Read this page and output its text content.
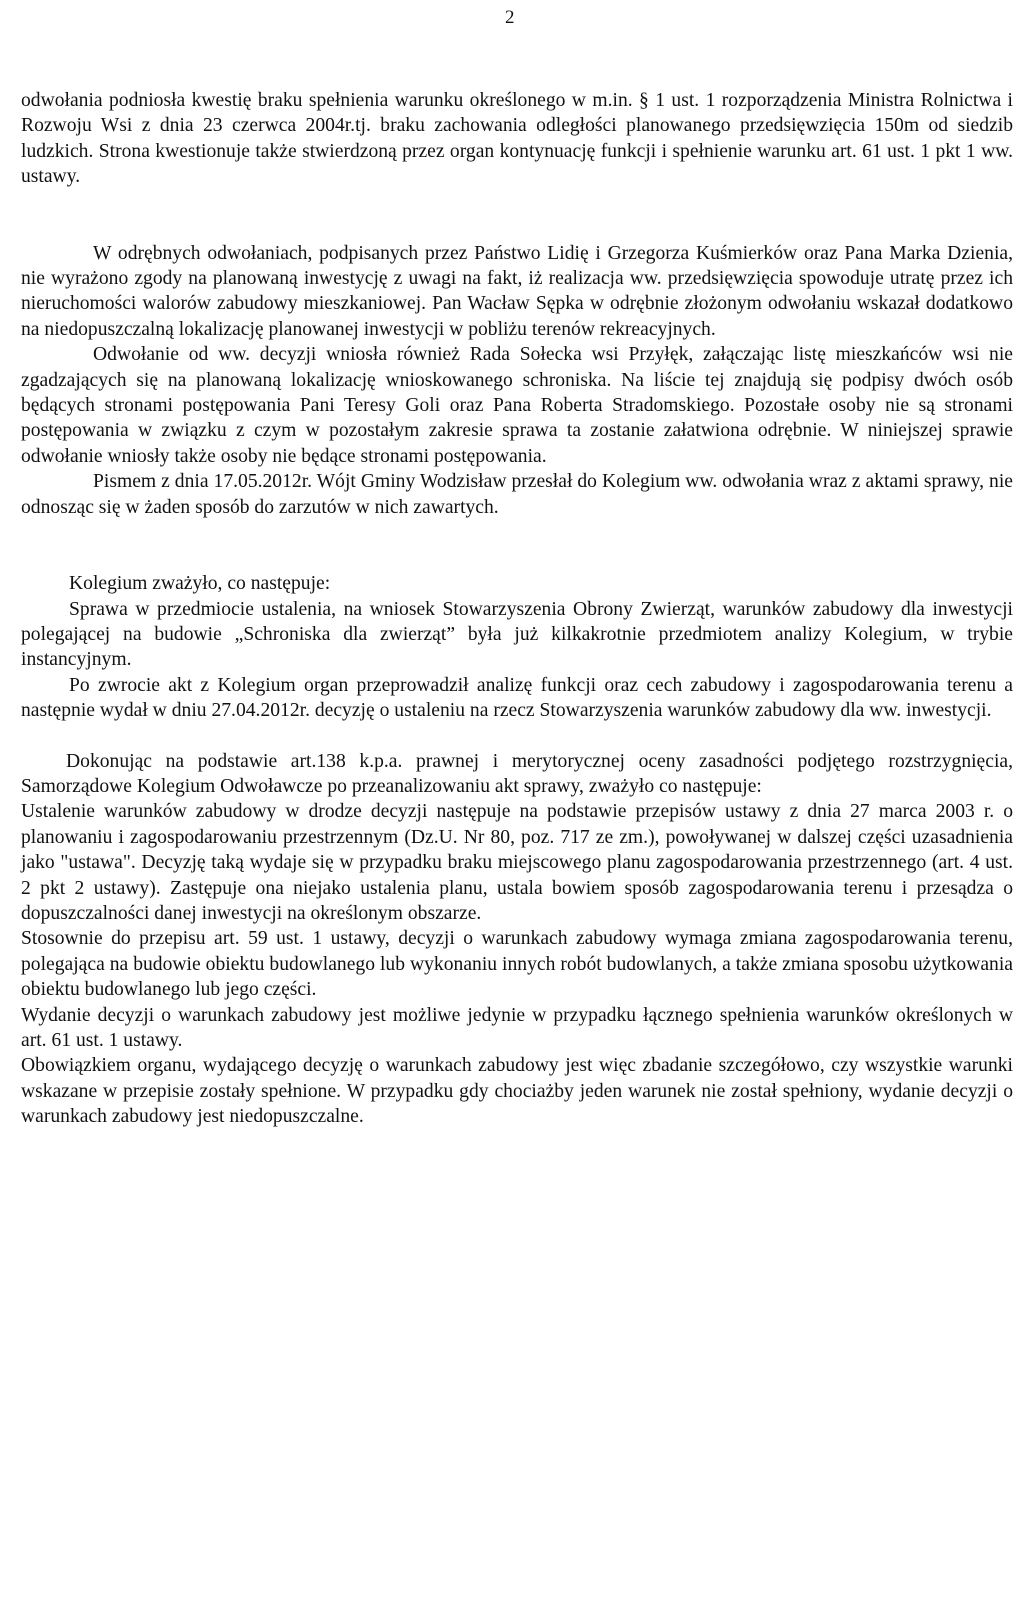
2

odwołania podniosła kwestię braku spełnienia warunku określonego w m.in. § 1 ust. 1 rozporządzenia Ministra Rolnictwa i Rozwoju Wsi z dnia 23 czerwca 2004r.tj. braku zachowania odległości planowanego przedsięwzięcia 150m od siedzib ludzkich. Strona kwestionuje także stwierdzoną przez organ kontynuację funkcji i spełnienie warunku art. 61 ust. 1 pkt 1 ww. ustawy.

W odrębnych odwołaniach, podpisanych przez Państwo Lidię i Grzegorza Kuśmierków oraz Pana Marka Dzienia, nie wyrażono zgody na planowaną inwestycję z uwagi na fakt, iż realizacja ww. przedsięwzięcia spowoduje utratę przez ich nieruchomości walorów zabudowy mieszkaniowej. Pan Wacław Sępka w odrębnie złożonym odwołaniu wskazał dodatkowo na niedopuszczalną lokalizację planowanej inwestycji w pobliżu terenów rekreacyjnych.

Odwołanie od ww. decyzji wniosła również Rada Sołecka wsi Przyłęk, załączając listę mieszkańców wsi nie zgadzających się na planowaną lokalizację wnioskowanego schroniska. Na liście tej znajdują się podpisy dwóch osób będących stronami postępowania Pani Teresy Goli oraz Pana Roberta Stradomskiego. Pozostałe osoby nie są stronami postępowania w związku z czym w pozostałym zakresie sprawa ta zostanie załatwiona odrębnie. W niniejszej sprawie odwołanie wniosły także osoby nie będące stronami postępowania.

Pismem z dnia 17.05.2012r. Wójt Gminy Wodzisław przesłał do Kolegium ww. odwołania wraz z aktami sprawy, nie odnosząc się w żaden sposób do zarzutów w nich zawartych.

Kolegium zważyło, co następuje:

Sprawa w przedmiocie ustalenia, na wniosek Stowarzyszenia Obrony Zwierząt, warunków zabudowy dla inwestycji polegającej na budowie „Schroniska dla zwierząt” była już kilkakrotnie przedmiotem analizy Kolegium, w trybie instancyjnym.

Po zwrocie akt z Kolegium organ przeprowadził analizę funkcji oraz cech zabudowy i zagospodarowania terenu a następnie wydał w dniu 27.04.2012r. decyzję o ustaleniu na rzecz Stowarzyszenia warunków zabudowy dla ww. inwestycji.

Dokonując na podstawie art.138 k.p.a. prawnej i merytorycznej oceny zasadności podjętego rozstrzygnięcia, Samorządowe Kolegium Odwoławcze po przeanalizowaniu akt sprawy, zważyło co następuje:

Ustalenie warunków zabudowy w drodze decyzji następuje na podstawie przepisów ustawy z dnia 27 marca 2003 r. o planowaniu i zagospodarowaniu przestrzennym (Dz.U. Nr 80, poz. 717 ze zm.), powoływanej w dalszej części uzasadnienia jako "ustawa". Decyzję taką wydaje się w przypadku braku miejscowego planu zagospodarowania przestrzennego (art. 4 ust. 2 pkt 2 ustawy). Zastępuje ona niejako ustalenia planu, ustala bowiem sposób zagospodarowania terenu i przesądza o dopuszczalności danej inwestycji na określonym obszarze.

Stosownie do przepisu art. 59 ust. 1 ustawy, decyzji o warunkach zabudowy wymaga zmiana zagospodarowania terenu, polegająca na budowie obiektu budowlanego lub wykonaniu innych robót budowlanych, a także zmiana sposobu użytkowania obiektu budowlanego lub jego części.

Wydanie decyzji o warunkach zabudowy jest możliwe jedynie w przypadku łącznego spełnienia warunków określonych w art. 61 ust. 1 ustawy.

Obowiązkiem organu, wydającego decyzję o warunkach zabudowy jest więc zbadanie szczegółowo, czy wszystkie warunki wskazane w przepisie zostały spełnione. W przypadku gdy chociażby jeden warunek nie został spełniony, wydanie decyzji o warunkach zabudowy jest niedopuszczalne.
